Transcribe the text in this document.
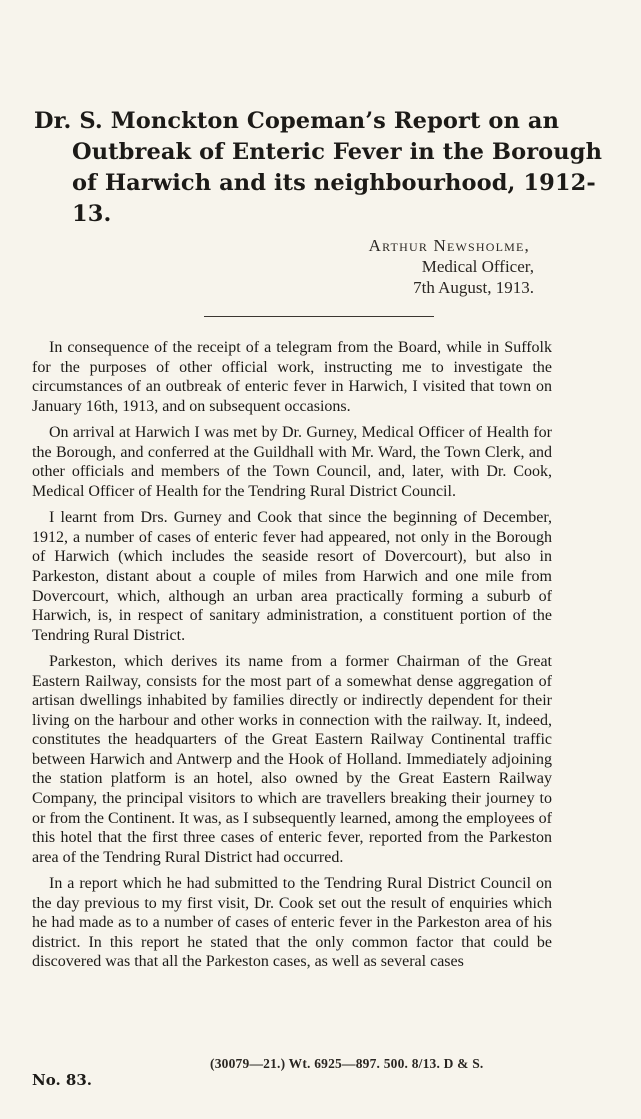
Dr. S. Monckton Copeman’s Report on an
Outbreak of Enteric Fever in the Borough
of Harwich and its neighbourhood, 1912-13.
Arthur Newsholme,
Medical Officer,
7th August, 1913.

In consequence of the receipt of a telegram from the Board, while in Suffolk for the purposes of other official work, instructing me to investigate the circumstances of an outbreak of enteric fever in Harwich, I visited that town on January 16th, 1913, and on subsequent occasions.

On arrival at Harwich I was met by Dr. Gurney, Medical Officer of Health for the Borough, and conferred at the Guildhall with Mr. Ward, the Town Clerk, and other officials and members of the Town Council, and, later, with Dr. Cook, Medical Officer of Health for the Tendring Rural District Council.

I learnt from Drs. Gurney and Cook that since the beginning of December, 1912, a number of cases of enteric fever had appeared, not only in the Borough of Harwich (which includes the seaside resort of Dovercourt), but also in Parkeston, distant about a couple of miles from Harwich and one mile from Dovercourt, which, although an urban area practically forming a suburb of Harwich, is, in respect of sanitary administration, a constituent portion of the Tendring Rural District.

Parkeston, which derives its name from a former Chairman of the Great Eastern Railway, consists for the most part of a somewhat dense aggregation of artisan dwellings inhabited by families directly or indirectly dependent for their living on the harbour and other works in connection with the railway. It, indeed, constitutes the headquarters of the Great Eastern Railway Continental traffic between Harwich and Antwerp and the Hook of Holland. Immediately adjoining the station platform is an hotel, also owned by the Great Eastern Railway Company, the principal visitors to which are travellers breaking their journey to or from the Continent. It was, as I subsequently learned, among the employees of this hotel that the first three cases of enteric fever, reported from the Parkeston area of the Tendring Rural District had occurred.

In a report which he had submitted to the Tendring Rural District Council on the day previous to my first visit, Dr. Cook set out the result of enquiries which he had made as to a number of cases of enteric fever in the Parkeston area of his district. In this report he stated that the only common factor that could be discovered was that all the Parkeston cases, as well as several cases

(30079—21.) Wt. 6925—897. 500. 8/13. D & S.
No. 83.
